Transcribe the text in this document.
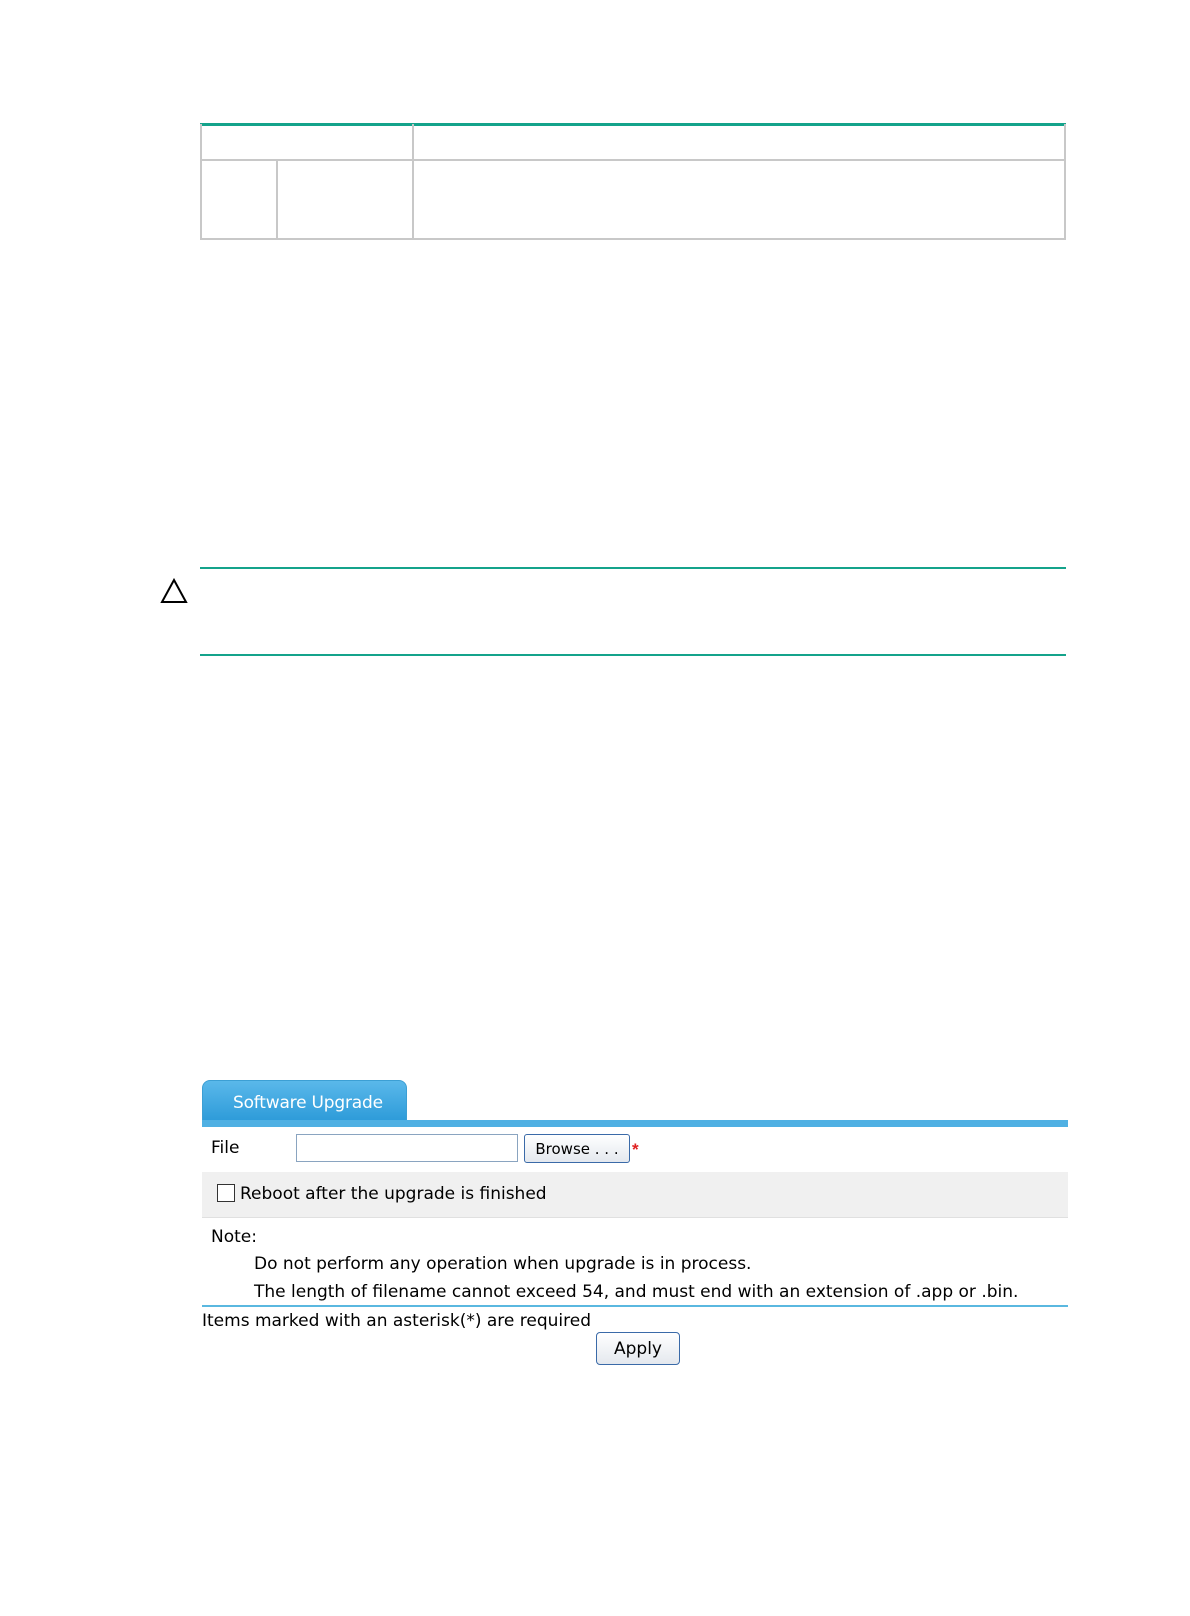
Software Upgrade
File	Browse . . . *
Reboot after the upgrade is finished
Note:
Do not perform any operation when upgrade is in process.
The length of filename cannot exceed 54, and must end with an extension of .app or .bin.
Items marked with an asterisk(*) are required
Apply
